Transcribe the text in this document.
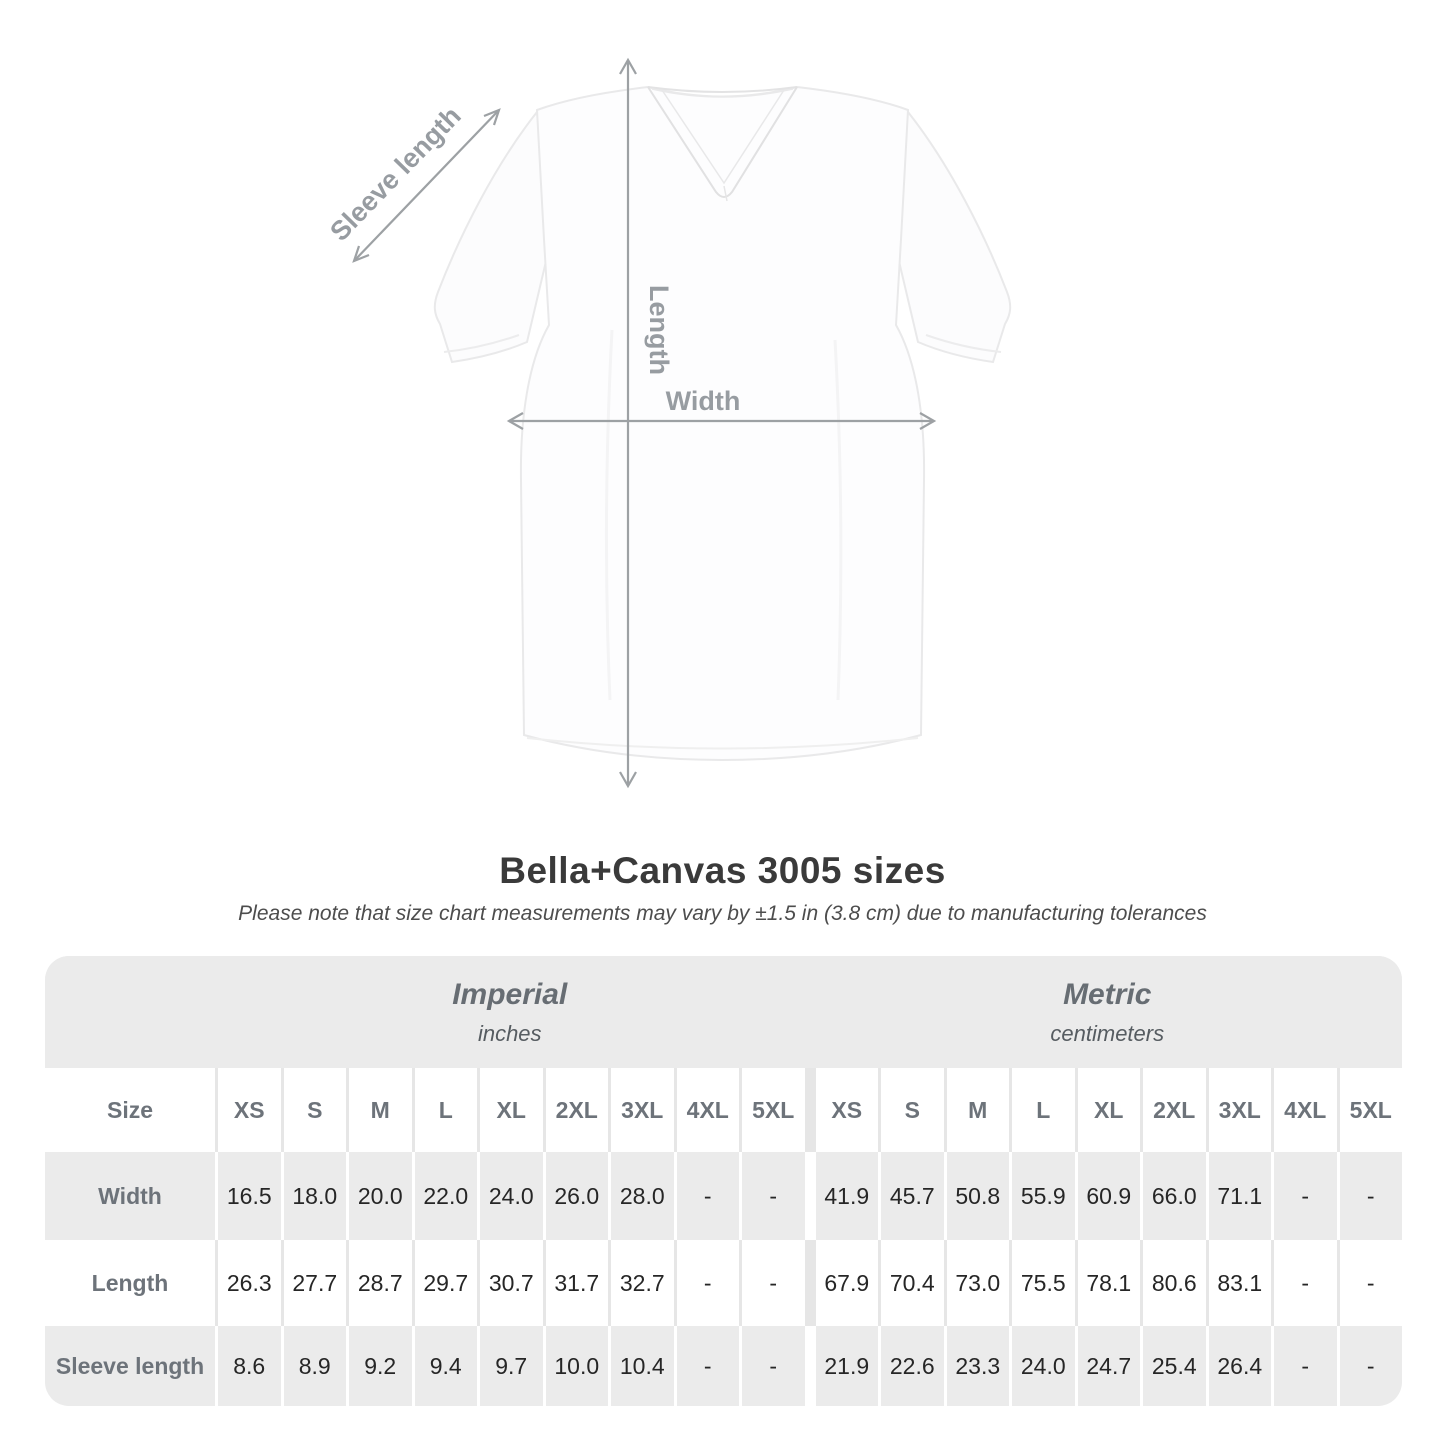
Sleeve length
Length
Width
Bella+Canvas 3005 sizes
Please note that size chart measurements may vary by ±1.5 in (3.8 cm) due to manufacturing tolerances
Imperial
inches
Metric
centimeters
Size	XS	S	M	L	XL	2XL	3XL	4XL	5XL	XS	S	M	L	XL	2XL	3XL	4XL	5XL
Width	16.5 18.0 20.0 22.0 24.0 26.0 28.0	-	-	41.9 45.7 50.8 55.9 60.9 66.0 71.1	-	-
Length	26.3 27.7 28.7 29.7 30.7 31.7 32.7	-	-	67.9 70.4 73.0 75.5 78.1 80.6 83.1	-	-
Sleeve length	8.6	8.9	9.2	9.4	9.7	10.0 10.4	-	-	21.9 22.6 23.3 24.0 24.7 25.4 26.4	-	-
